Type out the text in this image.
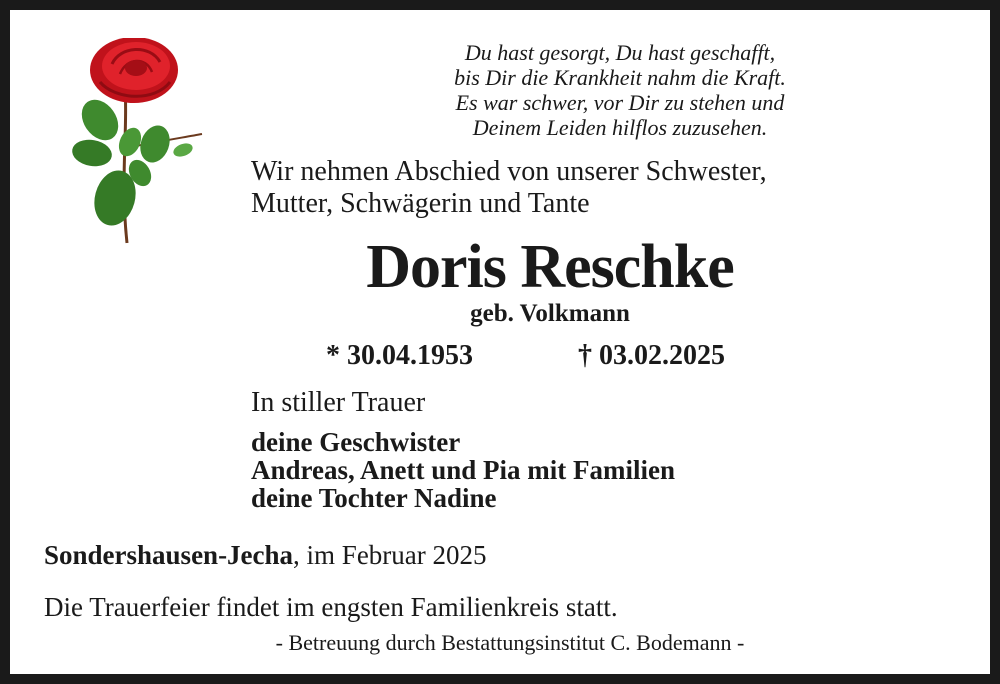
Du hast gesorgt, Du hast geschafft,
bis Dir die Krankheit nahm die Kraft.
Es war schwer, vor Dir zu stehen und
Deinem Leiden hilflos zuzusehen.
Wir nehmen Abschied von unserer Schwester,
Mutter, Schwägerin und Tante
Doris Reschke
geb. Volkmann
* 30.04.1953	† 03.02.2025
In stiller Trauer
deine Geschwister
Andreas, Anett und Pia mit Familien
deine Tochter Nadine
Sondershausen-Jecha, im Februar 2025
Die Trauerfeier findet im engsten Familienkreis statt.
- Betreuung durch Bestattungsinstitut C. Bodemann -
